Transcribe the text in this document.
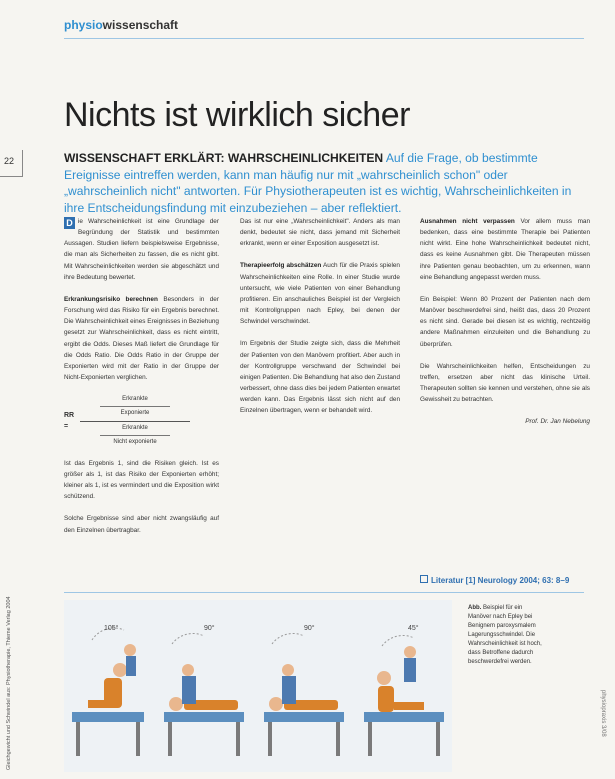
physiowissenschaft
Nichts ist wirklich sicher
22	WISSENSCHAFT ERKLÄRT: WAHRSCHEINLICHKEITEN Auf die Frage, ob bestimmte Ereignisse eintreffen werden, kann man häufig nur mit „wahrscheinlich schon" oder „wahrscheinlich nicht" antworten. Für Physiotherapeuten ist es wichtig, Wahrscheinlichkeiten in ihre Entscheidungsfindung mit einzubeziehen – aber reflektiert.

D ie Wahrscheinlichkeit ist eine Grundlage der Begründung der Statistik und bestimmten Aussagen. Studien liefern beispielsweise Ergebnisse, die man als Sicherheiten zu fassen, die es nicht gibt. Mit Wahrscheinlichkeiten werden sie abgeschätzt und ihre Bedeutung bewertet.

Erkrankungsrisiko berechnen Besonders in der Forschung wird das Risiko für ein Ergebnis berechnet. Die Wahrscheinlichkeit eines Ereignisses in Beziehung gesetzt zur Wahrscheinlichkeit, dass es nicht eintritt, ergibt die Odds. Dieses Maß liefert die Grundlage für die Odds Ratio. Die Odds Ratio in der Gruppe der Exponierten wird mit der Ratio in der Gruppe der Nicht-Exponierten verglichen.

RR =	Erkrankte
Exponierte
Erkrankte
Nicht exponierte

Ist das Ergebnis 1, sind die Risiken gleich. Ist es größer als 1, ist das Risiko der Exponierten erhöht; kleiner als 1, ist es vermindert und die Exposition wirkt schützend.

Solche Ergebnisse sind aber nicht zwangsläufig auf den Einzelnen übertragbar.

Das ist nur eine „Wahrscheinlichkeit". Anders als man denkt, bedeutet sie nicht, dass jemand mit Sicherheit erkrankt, wenn er einer Exposition ausgesetzt ist.

Therapieerfolg abschätzen Auch für die Praxis spielen Wahrscheinlichkeiten eine Rolle. In einer Studie wurde untersucht, wie viele Patienten von einer Behandlung profitieren. Ein anschauliches Beispiel ist der Vergleich mit Kontrollgruppen nach Epley, bei denen der Schwindel verschwindet.

Im Ergebnis der Studie zeigte sich, dass die Mehrheit der Patienten von den Manövern profitiert. Aber auch in der Kontrollgruppe verschwand der Schwindel bei einigen Patienten. Die Behandlung hat also den Zustand verbessert, ohne dass dies bei jedem Patienten erwartet werden kann. Das Ergebnis lässt sich nicht auf den Einzelnen übertragen, wenn er behandelt wird.

Ausnahmen nicht verpassen Vor allem muss man bedenken, dass eine bestimmte Therapie bei Patienten nicht wirkt. Eine hohe Wahrscheinlichkeit bedeutet nicht, dass es keine Ausnahmen gibt. Die Therapeuten müssen ihre Patienten genau beobachten, um zu erkennen, wann eine Behandlung angepasst werden muss.

Ein Beispiel: Wenn 80 Prozent der Patienten nach dem Manöver beschwerdefrei sind, heißt das, dass 20 Prozent es nicht sind. Gerade bei diesen ist es wichtig, rechtzeitig andere Maßnahmen einzuleiten und die Behandlung zu überprüfen.

Die Wahrscheinlichkeiten helfen, Entscheidungen zu treffen, ersetzen aber nicht das klinische Urteil. Therapeuten sollten sie kennen und verstehen, ohne sie als Gewissheit zu betrachten.

Prof. Dr. Jan Nebelung
Literatur [1] Neurology 2004; 63: 8–9
105°	90°	90°	45°
Abb. Beispiel für ein Manöver nach Epley bei Benignem paroxysmalem Lagerungsschwindel. Die Wahrscheinlichkeit ist hoch, dass Betroffene dadurch beschwerdefrei werden.
Gleichgewicht und Schwindel aus: Physiotherapie, Thieme Verlag 2004	physiopraxis 3/08
